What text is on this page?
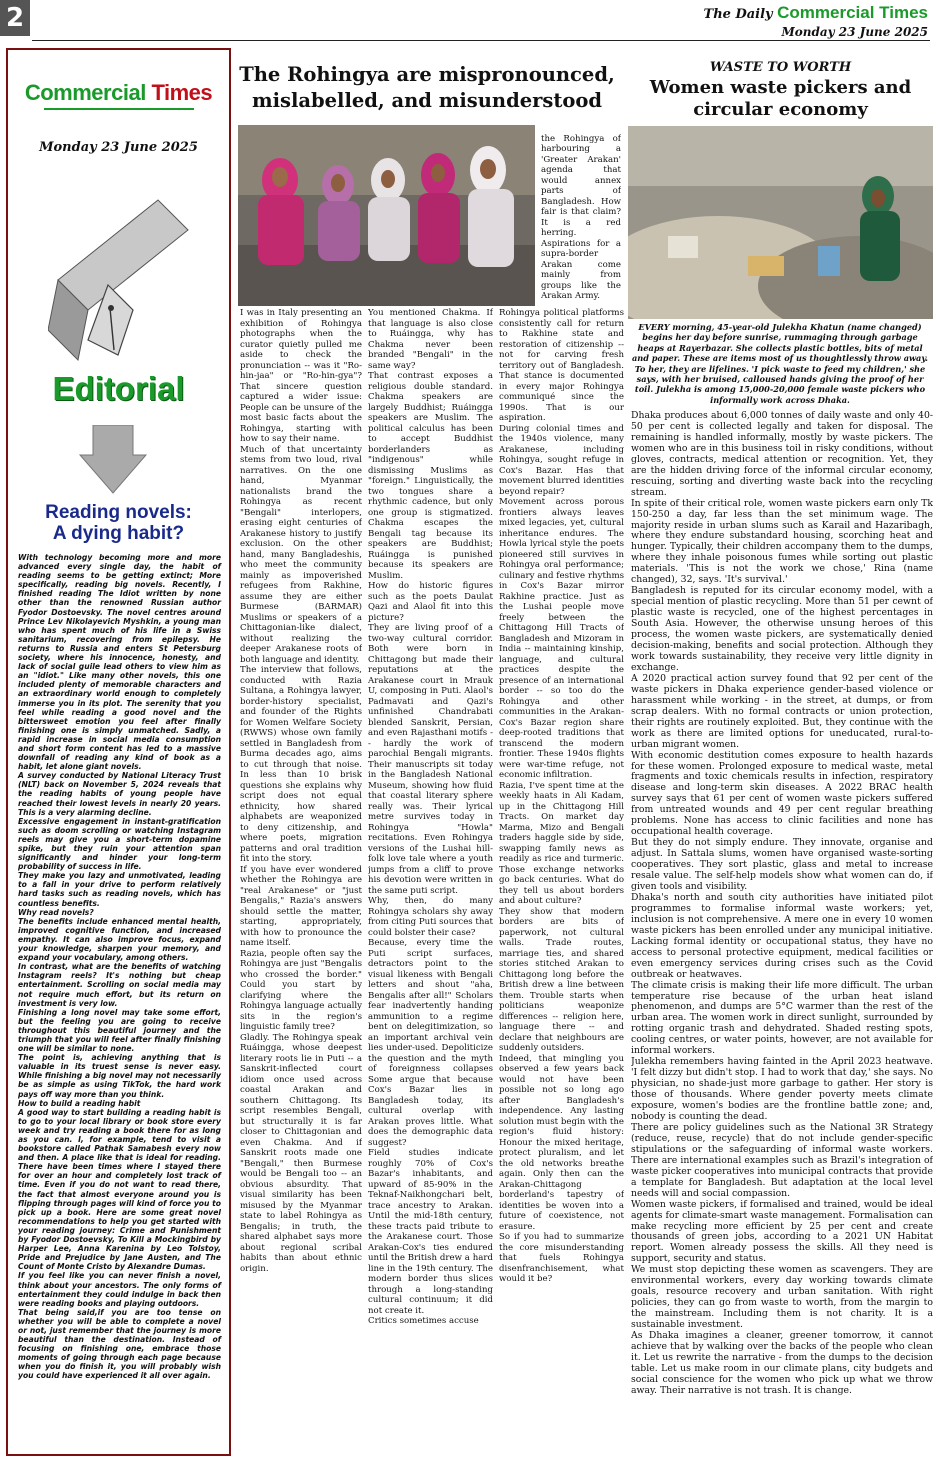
2	The Daily Commercial Times
Monday 23 June 2025
Commercial Times
Monday 23 June 2025
Editorial
Reading novels:
A dying habit?

With technology becoming more and more advanced every single day, the habit of reading seems to be getting extinct; More specifically, reading big novels. Recently, I finished reading The Idiot written by none other than the renowned Russian author Fyodor Dostoevsky. The novel centres around Prince Lev Nikolayevich Myshkin, a young man who has spent much of his life in a Swiss sanitarium, recovering from epilepsy. He returns to Russia and enters St Petersburg society, where his innocence, honesty, and lack of social guile lead others to view him as an "idiot." Like many other novels, this one included plenty of memorable characters and an extraordinary world enough to completely immerse you in its plot. The serenity that you feel while reading a good novel and the bittersweet emotion you feel after finally finishing one is simply unmatched. Sadly, a rapid increase in social media consumption and short form content has led to a massive downfall of reading any kind of book as a habit, let alone giant novels.

A survey conducted by National Literacy Trust (NLT) back on November 5, 2024 reveals that the reading habits of young people have reached their lowest levels in nearly 20 years. This is a very alarming decline.

Excessive engagement in instant-gratification such as doom scrolling or watching Instagram reels may give you a short-term dopamine spike, but they ruin your attention span significantly and hinder your long-term probability of success in life.

They make you lazy and unmotivated, leading to a fall in your drive to perform relatively hard tasks such as reading novels, which has countless benefits.

Why read novels?

The benefits include enhanced mental health, improved cognitive function, and increased empathy. It can also improve focus, expand your knowledge, sharpen your memory, and expand your vocabulary, among others.

In contrast, what are the benefits of watching Instagram reels? It's nothing but cheap entertainment. Scrolling on social media may not require much effort, but its return on investment is very low.

Finishing a long novel may take some effort, but the feeling you are going to receive throughout this beautiful journey and the triumph that you will feel after finally finishing one will be similar to none.

The point is, achieving anything that is valuable in its truest sense is never easy. While finishing a big novel may not necessarily be as simple as using TikTok, the hard work pays off way more than you think.

How to build a reading habit

A good way to start building a reading habit is to go to your local library or book store every week and try reading a book there for as long as you can. I, for example, tend to visit a bookstore called Pathak Samabesh every now and then. A place like that is ideal for reading. There have been times where I stayed there for over an hour and completely lost track of time. Even if you do not want to read there, the fact that almost everyone around you is flipping through pages will kind of force you to pick up a book. Here are some great novel recommendations to help you get started with your reading journey: Crime and Punishment by Fyodor Dostoevsky, To Kill a Mockingbird by Harper Lee, Anna Karenina by Leo Tolstoy, Pride and Prejudice by Jane Austen, and The Count of Monte Cristo by Alexandre Dumas.

If you feel like you can never finish a novel, think about your ancestors. The only forms of entertainment they could indulge in back then were reading books and playing outdoors.

That being said,if you are too tense on whether you will be able to complete a novel or not, just remember that the journey is more beautiful than the destination. Instead of focusing on finishing one, embrace those moments of going through each page because when you do finish it, you will probably wish you could have experienced it all over again.

The Rohingya are mispronounced, mislabelled, and misunderstood

the Rohingya of harbouring a 'Greater Arakan' agenda that would annex parts of Bangladesh. How fair is that claim? It is a red herring. Aspirations for a supra-border Arakan come mainly from groups like the Arakan Army.

I was in Italy presenting an exhibition of Rohingya photographs when the curator quietly pulled me aside to check the pronunciation -- was it "Ro-hin-jaa" or "Ro-hin-gya"? That sincere question captured a wider issue: People can be unsure of the most basic facts about the Rohingya, starting with how to say their name.

Much of that uncertainty stems from two loud, rival narratives. On the one hand, Myanmar nationalists brand the Rohingya as recent "Bengali" interlopers, erasing eight centuries of Arakanese history to justify exclusion. On the other hand, many Bangladeshis, who meet the community mainly as impoverished refugees from Rakhine, assume they are either Burmese (BARMAR) Muslims or speakers of a Chittagonian-like dialect, without realizing the deeper Arakanese roots of both language and identity.

The interview that follows, conducted with Razia Sultana, a Rohingya lawyer, border-history specialist, and founder of the Rights for Women Welfare Society (RWWS) whose own family settled in Bangladesh from Burma decades ago, aims to cut through that noise. In less than 10 brisk questions she explains why script does not equal ethnicity, how shared alphabets are weaponized to deny citizenship, and where poets, migration patterns and oral tradition fit into the story.

If you have ever wondered whether the Rohingya are "real Arakanese" or "just Bengalis," Razia's answers should settle the matter, starting, appropriately, with how to pronounce the name itself.

Razia, people often say the Rohingya are just "Bengalis who crossed the border." Could you start by clarifying where the Rohingya language actually sits in the region's linguistic family tree?

Gladly. The Rohingya speak Ruáingga, whose deepest literary roots lie in Puti -- a Sanskrit-inflected court idiom once used across coastal Arakan and southern Chittagong. Its script resembles Bengali, but structurally it is far closer to Chittagonian and even Chakma. And if Sanskrit roots made one "Bengali," then Burmese would be Bengali too -- an obvious absurdity. That visual similarity has been misused by the Myanmar state to label Rohingya as Bengalis; in truth, the shared alphabet says more about regional scribal habits than about ethnic origin.

You mentioned Chakma. If that language is also close to Ruáingga, why has Chakma never been branded "Bengali" in the same way?

That contrast exposes a religious double standard. Chakma speakers are largely Buddhist; Ruáingga speakers are Muslim. The political calculus has been to accept Buddhist borderlanders as "indigenous" while dismissing Muslims as "foreign." Linguistically, the two tongues share a rhythmic cadence, but only one group is stigmatized. Chakma escapes the Bengali tag because its speakers are Buddhist; Ruáingga is punished because its speakers are Muslim.

How do historic figures such as the poets Daulat Qazi and Alaol fit into this picture?

They are living proof of a two-way cultural corridor. Both were born in Chittagong but made their reputations at the Arakanese court in Mrauk U, composing in Puti. Alaol's Padmavati and Qazi's unfinished Chandrabati blended Sanskrit, Persian, and even Rajasthani motifs -- hardly the work of parochial Bengali migrants. Their manuscripts sit today in the Bangladesh National Museum, showing how fluid that coastal literary sphere really was. Their lyrical metre survives today in Rohingya "Howla" recitations. Even Rohingya versions of the Lushai hill-folk love tale where a youth jumps from a cliff to prove his devotion were written in the same puti script.

Why, then, do many Rohingya scholars shy away from citing Puti sources that could bolster their case?

Because, every time the Puti script surfaces, detractors point to the visual likeness with Bengali letters and shout "aha, Bengalis after all!" Scholars fear inadvertently handing ammunition to a regime bent on delegitimization, so an important archival vein lies under-used. Depoliticize the question and the myth of foreignness collapses Some argue that because Cox's Bazar lies in Bangladesh today, its cultural overlap with Arakan proves little. What does the demographic data suggest?

Field studies indicate roughly 70% of Cox's Bazar's inhabitants, and upward of 85-90% in the Teknaf-Naikhongchari belt, trace ancestry to Arakan. Until the mid-18th century, these tracts paid tribute to the Arakanese court. Those Arakan-Cox's ties endured until the British drew a hard line in the 19th century. The modern border thus slices through a long-standing cultural continuum; it did not create it.

Critics sometimes accuse

Rohingya political platforms consistently call for return to Rakhine state and restoration of citizenship -- not for carving fresh territory out of Bangladesh. That stance is documented in every major Rohingya communiqué since the 1990s. That is our aspiration.

During colonial times and the 1940s violence, many Arakanese, including Rohingya, sought refuge in Cox's Bazar. Has that movement blurred identities beyond repair?

Movement across porous frontiers always leaves mixed legacies, yet, cultural inheritance endures. The Howla lyrical style the poets pioneered still survives in Rohingya oral performance; culinary and festive rhythms in Cox's Bazar mirror Rakhine practice. Just as the Lushai people move freely between the Chittagong Hill Tracts of Bangladesh and Mizoram in India -- maintaining kinship, language, and cultural practices despite the presence of an international border -- so too do the Rohingya and other communities in the Arakan-Cox's Bazar region share deep-rooted traditions that transcend the modern frontier. These 1940s flights were war-time refuge, not economic infiltration.

Razia, I've spent time at the weekly haats in Ali Kadam, up in the Chittagong Hill Tracts. On market day Marma, Mizo and Bengali traders haggle side by side, swapping family news as readily as rice and turmeric. Those exchange networks go back centuries. What do they tell us about borders and about culture?

They show that modern borders are bits of paperwork, not cultural walls. Trade routes, marriage ties, and shared stories stitched Arakan to Chittagong long before the British drew a line between them. Trouble starts when politicians weaponize differences -- religion here, language there -- and declare that neighbours are suddenly outsiders.

Indeed, that mingling you observed a few years back would not have been possible not so long ago after Bangladesh's independence. Any lasting solution must begin with the region's fluid history: Honour the mixed heritage, protect pluralism, and let the old networks breathe again. Only then can the Arakan-Chittagong borderland's tapestry of identities be woven into a future of coexistence, not erasure.

So if you had to summarize the core misunderstanding that fuels Rohingya disenfranchisement, what would it be?

WASTE TO WORTH
Women waste pickers and circular economy
EVERY morning, 45-year-old Julekha Khatun (name changed) begins her day before sunrise, rummaging through garbage heaps at Rayerbazar. She collects plastic bottles, bits of metal and paper. These are items most of us thoughtlessly throw away. To her, they are lifelines. 'I pick waste to feed my children,' she says, with her bruised, calloused hands giving the proof of her toil. Julekha is among 15,000-20,000 female waste pickers who informally work across Dhaka.

Dhaka produces about 6,000 tonnes of daily waste and only 40-50 per cent is collected legally and taken for disposal. The remaining is handled informally, mostly by waste pickers. The women who are in this business toil in risky conditions, without gloves, contracts, medical attention or recognition. Yet, they are the hidden driving force of the informal circular economy, rescuing, sorting and diverting waste back into the recycling stream.

In spite of their critical role, women waste pickers earn only Tk 150-250 a day, far less than the set minimum wage. The majority reside in urban slums such as Karail and Hazaribagh, where they endure substandard housing, scorching heat and hunger. Typically, their children accompany them to the dumps, where they inhale poisonous fumes while sorting out plastic materials. 'This is not the work we chose,' Rina (name changed), 32, says. 'It's survival.'

Bangladesh is reputed for its circular economy model, with a special mention of plastic recycling. More than 51 per cewnt of plastic waste is recycled, one of the highest percentages in South Asia. However, the otherwise unsung heroes of this process, the women waste pickers, are systematically denied decision-making, benefits and social protection. Although they work towards sustainability, they receive very little dignity in exchange.

A 2020 practical action survey found that 92 per cent of the waste pickers in Dhaka experience gender-based violence or harassment while working - in the street, at dumps, or from scrap dealers. With no formal contracts or union protection, their rights are routinely exploited. But, they continue with the work as there are limited options for uneducated, rural-to-urban migrant women.

With economic destitution comes exposure to health hazards for these women. Prolonged exposure to medical waste, metal fragments and toxic chemicals results in infection, respiratory disease and long-term skin diseases. A 2022 BRAC health survey says that 61 per cent of women waste pickers suffered from untreated wounds and 49 per cent regular breathing problems. None has access to clinic facilities and none has occupational health coverage.

But they do not simply endure. They innovate, organise and adjust. In Sattala slums, women have organised waste-sorting cooperatives. They sort plastic, glass and metal to increase resale value. The self-help models show what women can do, if given tools and visibility.

Dhaka's north and south city authorities have initiated pilot programmes to formalise informal waste workers; yet, inclusion is not comprehensive. A mere one in every 10 women waste pickers has been enrolled under any municipal initiative. Lacking formal identity or occupational status, they have no access to personal protective equipment, medical facilities or even emergency services during crises such as the Covid outbreak or heatwaves.

The climate crisis is making their life more difficult. The urban temperature rise because of the urban heat island phenomenon, and dumps are 5°C warmer than the rest of the urban area. The women work in direct sunlight, surrounded by rotting organic trash and dehydrated. Shaded resting spots, cooling centres, or water points, however, are not available for informal workers.

Julekha remembers having fainted in the April 2023 heatwave. 'I felt dizzy but didn't stop. I had to work that day,' she says. No physician, no shade-just more garbage to gather. Her story is those of thousands. Where gender poverty meets climate exposure, women's bodies are the frontline battle zone; and, nobody is counting the dead.

There are policy guidelines such as the National 3R Strategy (reduce, reuse, recycle) that do not include gender-specific stipulations or the safeguarding of informal waste workers. There are international examples such as Brazil's integration of waste picker cooperatives into municipal contracts that provide a template for Bangladesh. But adaptation at the local level needs will and social compassion.

Women waste pickers, if formalised and trained, would be ideal agents for climate-smart waste management. Formalisation can make recycling more efficient by 25 per cent and create thousands of green jobs, according to a 2021 UN Habitat report. Women already possess the skills. All they need is support, security and status.

We must stop depicting these women as scavengers. They are environmental workers, every day working towards climate goals, resource recovery and urban sanitation. With right policies, they can go from waste to worth, from the margin to the mainstream. Including them is not charity. It is a sustainable investment.

As Dhaka imagines a cleaner, greener tomorrow, it cannot achieve that by walking over the backs of the people who clean it. Let us rewrite the narrative - from the dumps to the decision table. Let us make room in our climate plans, city budgets and social conscience for the women who pick up what we throw away. Their narrative is not trash. It is change.
